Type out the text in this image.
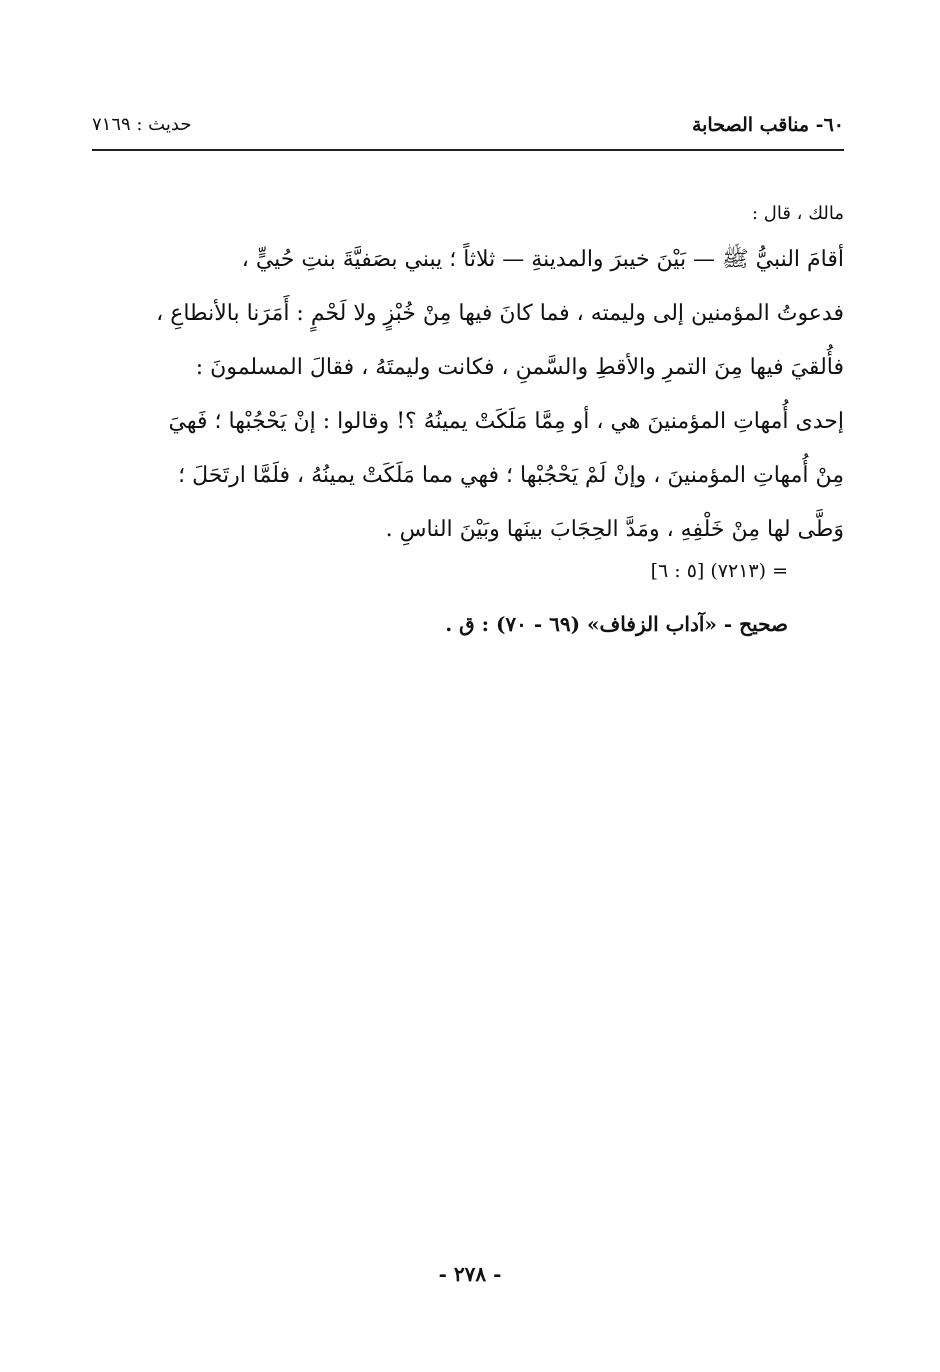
٦٠- مناقب الصحابة
حديث : ٧١٦٩
مالك ، قال :
أقامَ النبيُّ ﷺ — بَيْنَ خيبرَ والمدينةِ — ثلاثاً ؛ يبني بصَفيَّةَ بنتِ حُييٍّ ،
فدعوتُ المؤمنين إلى وليمته ، فما كانَ فيها مِنْ خُبْزٍ ولا لَحْمٍ : أَمَرَنا بالأنطاعِ ،
فأُلقيَ فيها مِنَ التمرِ والأقطِ والسَّمنِ ، فكانت وليمتَهُ ، فقالَ المسلمونَ :
إحدى أُمهاتِ المؤمنينَ هي ، أو مِمَّا مَلَكَتْ يمينُهُ ؟! وقالوا : إنْ يَحْجُبْها ؛ فَهيَ
مِنْ أُمهاتِ المؤمنينَ ، وإنْ لَمْ يَحْجُبْها ؛ فهي مما مَلَكَتْ يمينُهُ ، فلَمَّا ارتَحَلَ ؛
وَطَّى لها مِنْ خَلْفِهِ ، ومَدَّ الحِجَابَ بينَها وبَيْنَ الناسِ .
= (٧٢١٣) [٥ : ٦]
صحيح - «آداب الزفاف» (٦٩ - ٧٠) : ق .
- ٢٧٨ -
